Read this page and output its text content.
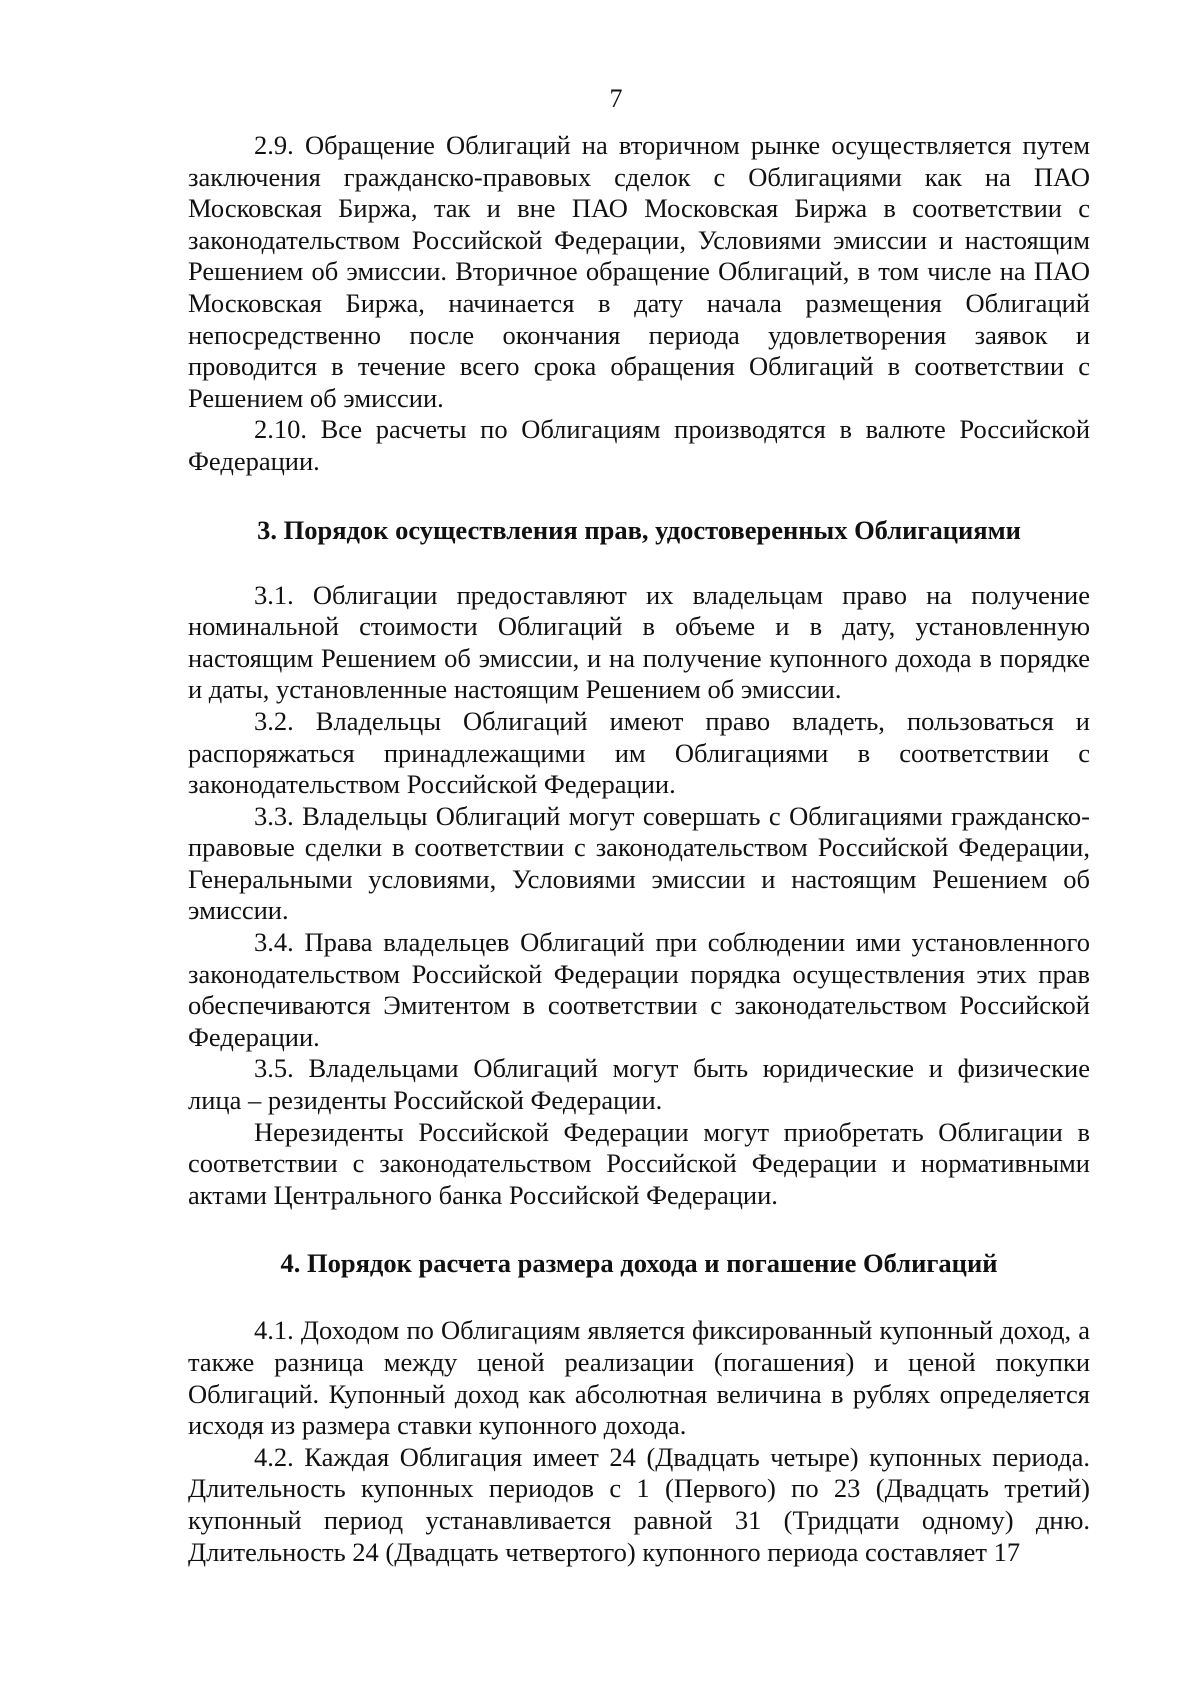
7

2.9. Обращение Облигаций на вторичном рынке осуществляется путем заключения гражданско-правовых сделок с Облигациями как на ПАО Московская Биржа, так и вне ПАО Московская Биржа в соответствии с законодательством Российской Федерации, Условиями эмиссии и настоящим Решением об эмиссии. Вторичное обращение Облигаций, в том числе на ПАО Московская Биржа, начинается в дату начала размещения Облигаций непосредственно после окончания периода удовлетворения заявок и проводится в течение всего срока обращения Облигаций в соответствии с Решением об эмиссии.

2.10. Все расчеты по Облигациям производятся в валюте Российской Федерации.

3. Порядок осуществления прав, удостоверенных Облигациями

3.1. Облигации предоставляют их владельцам право на получение номинальной стоимости Облигаций в объеме и в дату, установленную настоящим Решением об эмиссии, и на получение купонного дохода в порядке и даты, установленные настоящим Решением об эмиссии.

3.2. Владельцы Облигаций имеют право владеть, пользоваться и распоряжаться принадлежащими им Облигациями в соответствии с законодательством Российской Федерации.

3.3. Владельцы Облигаций могут совершать с Облигациями гражданско-правовые сделки в соответствии с законодательством Российской Федерации, Генеральными условиями, Условиями эмиссии и настоящим Решением об эмиссии.

3.4. Права владельцев Облигаций при соблюдении ими установленного законодательством Российской Федерации порядка осуществления этих прав обеспечиваются Эмитентом в соответствии с законодательством Российской Федерации.

3.5. Владельцами Облигаций могут быть юридические и физические лица – резиденты Российской Федерации.

Нерезиденты Российской Федерации могут приобретать Облигации в соответствии с законодательством Российской Федерации и нормативными актами Центрального банка Российской Федерации.

4. Порядок расчета размера дохода и погашение Облигаций

4.1. Доходом по Облигациям является фиксированный купонный доход, а также разница между ценой реализации (погашения) и ценой покупки Облигаций. Купонный доход как абсолютная величина в рублях определяется исходя из размера ставки купонного дохода.

4.2. Каждая Облигация имеет 24 (Двадцать четыре) купонных периода. Длительность купонных периодов с 1 (Первого) по 23 (Двадцать третий) купонный период устанавливается равной 31 (Тридцати одному) дню. Длительность 24 (Двадцать четвертого) купонного периода составляет 17
